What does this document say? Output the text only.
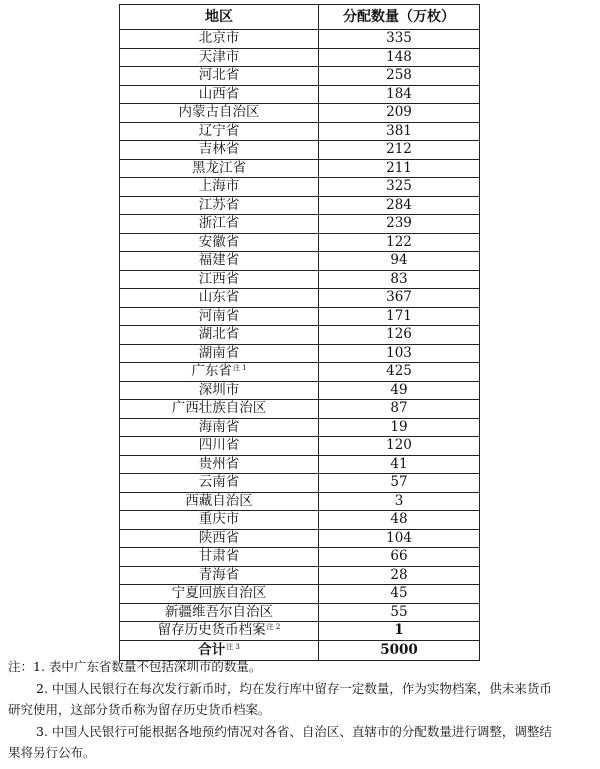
地区	分配数量（万枚）
北京市	335
天津市	148
河北省	258
山西省	184
内蒙古自治区	209
辽宁省	381
吉林省	212
黑龙江省	211
上海市	325
江苏省	284
浙江省	239
安徽省	122
福建省	94
江西省	83
山东省	367
河南省	171
湖北省	126
湖南省	103
广东省$^{注 1}$	425
深圳市	49
广西壮族自治区	87
海南省	19
四川省	120
贵州省	41
云南省	57
西藏自治区	3
重庆市	48
陕西省	104
甘肃省	66
青海省	28
宁夏回族自治区	45
新疆维吾尔自治区	55
留存历史货币档案$^{注 2}$	1
合计$^{注 3}$	5000

注：1. 表中广东省数量不包括深圳市的数量。

2. 中国人民银行在每次发行新币时，均在发行库中留存一定数量，作为实物档案，供未来货币

研究使用，这部分货币称为留存历史货币档案。

3. 中国人民银行可能根据各地预约情况对各省、自治区、直辖市的分配数量进行调整，调整结

果将另行公布。
